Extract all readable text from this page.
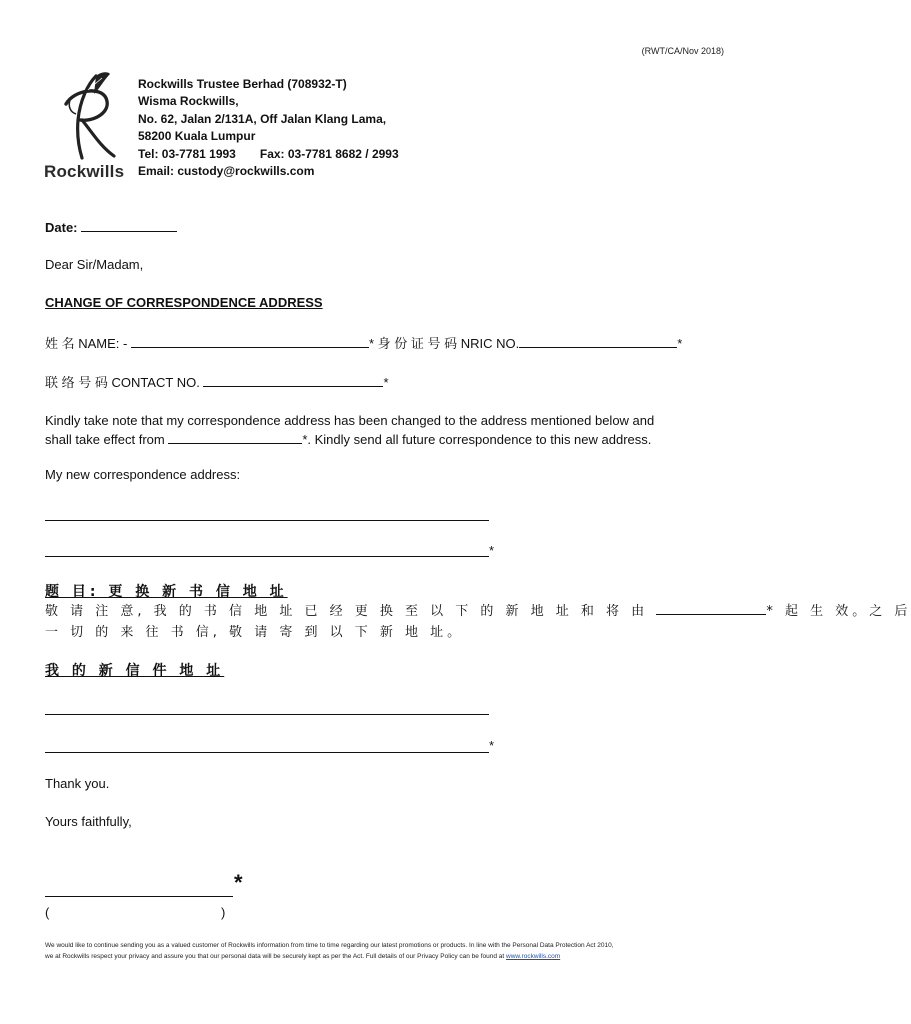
(RWT/CA/Nov 2018)
Rockwills
Rockwills Trustee Berhad (708932-T)
Wisma Rockwills,
No. 62, Jalan 2/131A, Off Jalan Klang Lama,
58200 Kuala Lumpur
Tel: 03-7781 1993 Fax: 03-7781 8682 / 2993
Email: custody@rockwills.com
Date:
Dear Sir/Madam,
CHANGE OF CORRESPONDENCE ADDRESS
姓 名 NAME: -	* 身 份 证 号 码 NRIC NO.	*
联 络 号 码 CONTACT NO.	*
Kindly take note that my correspondence address has been changed to the address mentioned below and
shall take effect from	*. Kindly send all future correspondence to this new address.
My new correspondence address:
*
题 目: 更 换 新 书 信 地 址
敬 请 注 意, 我 的 书 信 地 址 已 经 更 换 至 以 下 的 新 地 址 和 将 由	* 起 生 效。之 后
一 切 的 来 往 书 信, 敬 请 寄 到 以 下 新 地 址。
我 的 新 信 件 地 址
*
Thank you.
Yours faithfully,
*
(	)
We would like to continue sending you as a valued customer of Rockwills information from time to time regarding our latest promotions or products. In line with the Personal Data Protection Act 2010,
we at Rockwills respect your privacy and assure you that our personal data will be securely kept as per the Act. Full details of our Privacy Policy can be found at www.rockwills.com
